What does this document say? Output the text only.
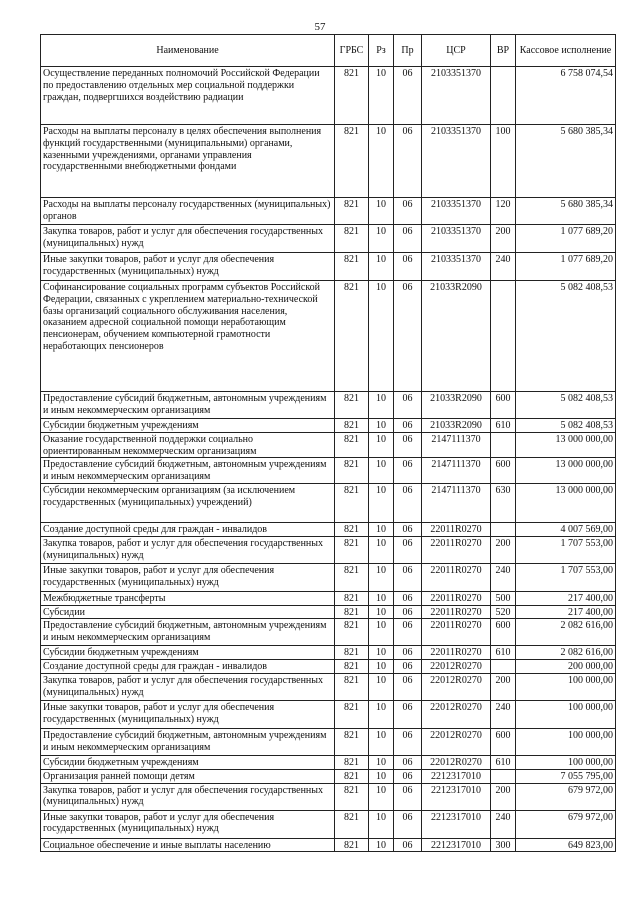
57
Наименование	ГРБС	Рз	Пр	ЦСР	ВР	Кассовое исполнение
Осуществление переданных полномочий Российской Федерации по предоставлению отдельных мер социальной поддержки граждан, подвергшихся воздействию радиации	821	10	06	2103351370		6 758 074,54
Расходы на выплаты персоналу в целях обеспечения выполнения функций государственными (муниципальными) органами, казенными учреждениями, органами управления государственными внебюджетными фондами	821	10	06	2103351370	100	5 680 385,34
Расходы на выплаты персоналу государственных (муниципальных) органов	821	10	06	2103351370	120	5 680 385,34
Закупка товаров, работ и услуг для обеспечения государственных (муниципальных) нужд	821	10	06	2103351370	200	1 077 689,20
Иные закупки товаров, работ и услуг для обеспечения государственных (муниципальных) нужд	821	10	06	2103351370	240	1 077 689,20
Софинансирование социальных программ субъектов Российской Федерации, связанных с укреплением материально-технической базы организаций социального обслуживания населения, оказанием адресной социальной помощи неработающим пенсионерам, обучением компьютерной грамотности неработающих пенсионеров	821	10	06	21033R2090		5 082 408,53
Предоставление субсидий бюджетным, автономным учреждениям и иным некоммерческим организациям	821	10	06	21033R2090	600	5 082 408,53
Субсидии бюджетным учреждениям	821	10	06	21033R2090	610	5 082 408,53
Оказание государственной поддержки социально ориентированным некоммерческим организациям	821	10	06	2147111370		13 000 000,00
Предоставление субсидий бюджетным, автономным учреждениям и иным некоммерческим организациям	821	10	06	2147111370	600	13 000 000,00
Субсидии некоммерческим организациям (за исключением государственных (муниципальных) учреждений)	821	10	06	2147111370	630	13 000 000,00
Создание доступной среды для граждан - инвалидов	821	10	06	22011R0270		4 007 569,00
Закупка товаров, работ и услуг для обеспечения государственных (муниципальных) нужд	821	10	06	22011R0270	200	1 707 553,00
Иные закупки товаров, работ и услуг для обеспечения государственных (муниципальных) нужд	821	10	06	22011R0270	240	1 707 553,00
Межбюджетные трансферты	821	10	06	22011R0270	500	217 400,00
Субсидии	821	10	06	22011R0270	520	217 400,00
Предоставление субсидий бюджетным, автономным учреждениям и иным некоммерческим организациям	821	10	06	22011R0270	600	2 082 616,00
Субсидии бюджетным учреждениям	821	10	06	22011R0270	610	2 082 616,00
Создание доступной среды для граждан - инвалидов	821	10	06	22012R0270		200 000,00
Закупка товаров, работ и услуг для обеспечения государственных (муниципальных) нужд	821	10	06	22012R0270	200	100 000,00
Иные закупки товаров, работ и услуг для обеспечения государственных (муниципальных) нужд	821	10	06	22012R0270	240	100 000,00
Предоставление субсидий бюджетным, автономным учреждениям и иным некоммерческим организациям	821	10	06	22012R0270	600	100 000,00
Субсидии бюджетным учреждениям	821	10	06	22012R0270	610	100 000,00
Организация ранней помощи детям	821	10	06	2212317010		7 055 795,00
Закупка товаров, работ и услуг для обеспечения государственных (муниципальных) нужд	821	10	06	2212317010	200	679 972,00
Иные закупки товаров, работ и услуг для обеспечения государственных (муниципальных) нужд	821	10	06	2212317010	240	679 972,00
Социальное обеспечение и иные выплаты населению	821	10	06	2212317010	300	649 823,00
